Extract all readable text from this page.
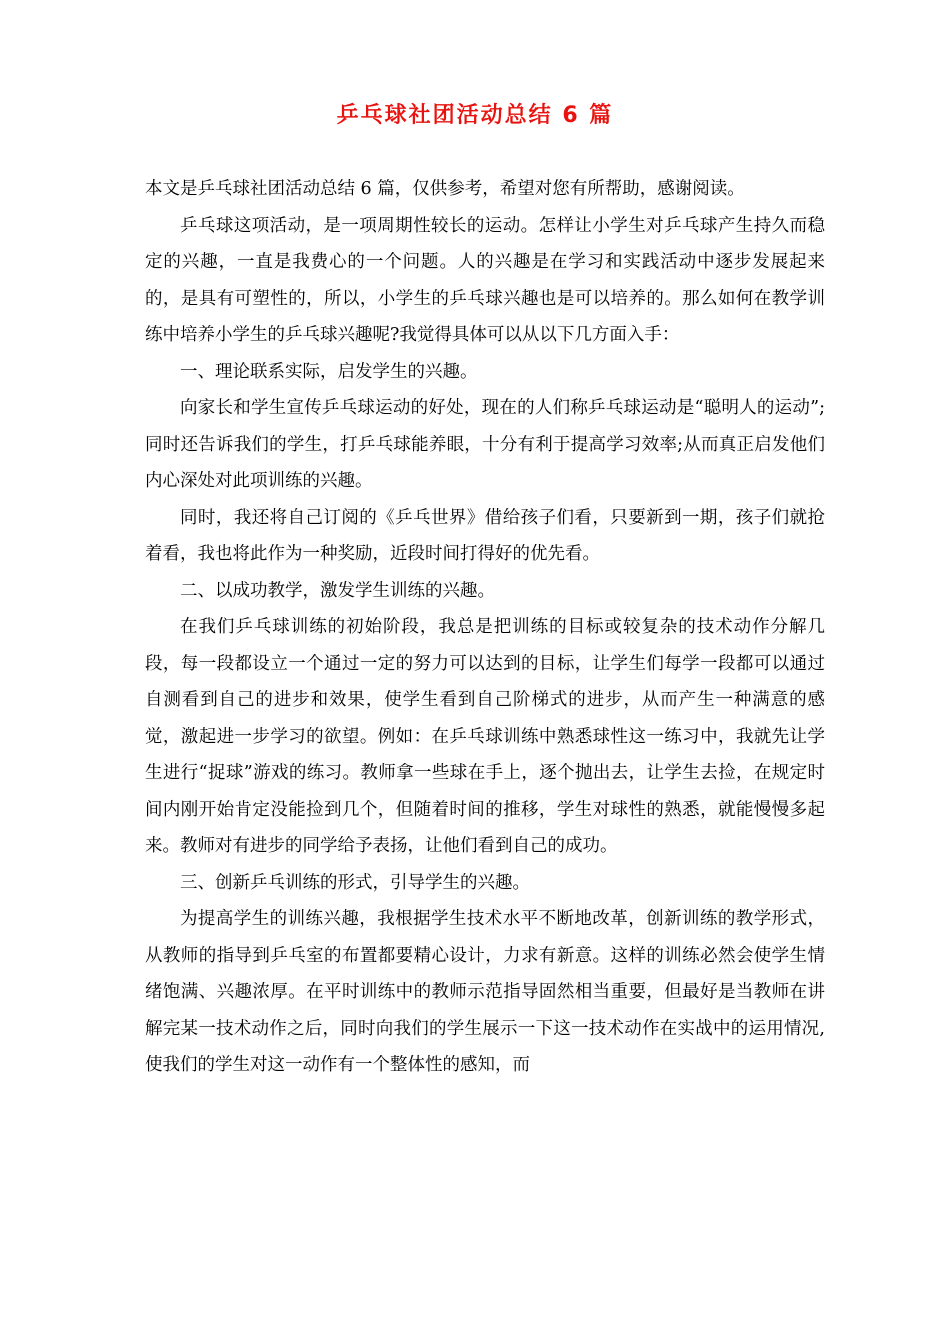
乒乓球社团活动总结 6 篇

本文是乒乓球社团活动总结 6 篇，仅供参考，希望对您有所帮助，感谢阅读。

乒乓球这项活动，是一项周期性较长的运动。怎样让小学生对乒乓球产生持久而稳定的兴趣，一直是我费心的一个问题。人的兴趣是在学习和实践活动中逐步发展起来的，是具有可塑性的，所以，小学生的乒乓球兴趣也是可以培养的。那么如何在教学训练中培养小学生的乒乓球兴趣呢?我觉得具体可以从以下几方面入手：

一、理论联系实际，启发学生的兴趣。

向家长和学生宣传乒乓球运动的好处，现在的人们称乒乓球运动是“聪明人的运动”;同时还告诉我们的学生，打乒乓球能养眼，十分有利于提高学习效率;从而真正启发他们内心深处对此项训练的兴趣。

同时，我还将自己订阅的《乒乓世界》借给孩子们看，只要新到一期，孩子们就抢着看，我也将此作为一种奖励，近段时间打得好的优先看。

二、以成功教学，激发学生训练的兴趣。

在我们乒乓球训练的初始阶段，我总是把训练的目标或较复杂的技术动作分解几段，每一段都设立一个通过一定的努力可以达到的目标，让学生们每学一段都可以通过自测看到自己的进步和效果，使学生看到自己阶梯式的进步，从而产生一种满意的感觉，激起进一步学习的欲望。例如：在乒乓球训练中熟悉球性这一练习中，我就先让学生进行“捉球”游戏的练习。教师拿一些球在手上，逐个抛出去，让学生去捡，在规定时间内刚开始肯定没能捡到几个，但随着时间的推移，学生对球性的熟悉，就能慢慢多起来。教师对有进步的同学给予表扬，让他们看到自己的成功。

三、创新乒乓训练的形式，引导学生的兴趣。

为提高学生的训练兴趣，我根据学生技术水平不断地改革，创新训练的教学形式，从教师的指导到乒乓室的布置都要精心设计，力求有新意。这样的训练必然会使学生情绪饱满、兴趣浓厚。在平时训练中的教师示范指导固然相当重要，但最好是当教师在讲解完某一技术动作之后，同时向我们的学生展示一下这一技术动作在实战中的运用情况,使我们的学生对这一动作有一个整体性的感知，而
